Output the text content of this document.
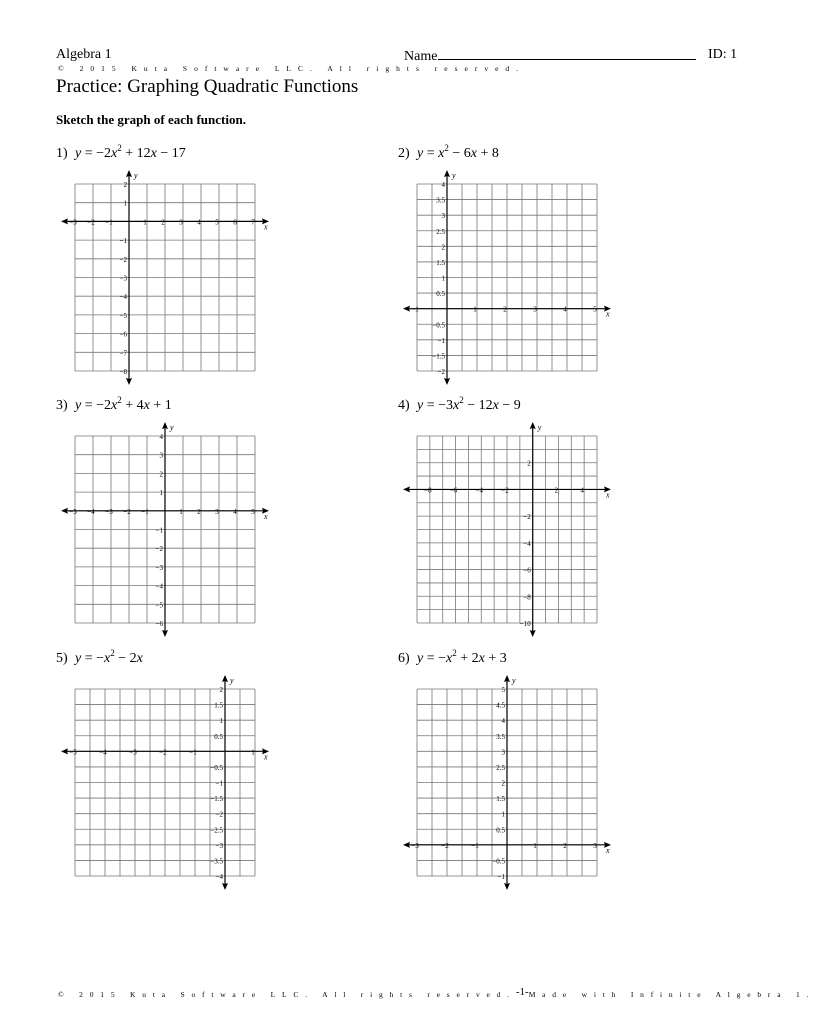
Algebra 1	Name	ID: 1
© 2015 Kuta Software LLC. All rights reserved.
Practice: Graphing Quadratic Functions
Sketch the graph of each function.
1) $y = -2x^2 + 12x - 17$	2) $y = x^2 - 6x + 8$
3) $y = -2x^2 + 4x + 1$	4) $y = -3x^2 - 12x - 9$
5) $y = -x^2 - 2x$	6) $y = -x^2 + 2x + 3$
x
y
−3 −2 −1	1 2 3 4 5 6 7
2
1
−1
−2
−3
−4
−5
−6
−7
−8
x
y
−1	1	2	3	4	5
4
3.5
3
2.5
2
1.5
1
0.5
−0.5
−1
−1.5
−2
x
y
−5 −4 −3 −2 −1	1 2 3 4 5
4
3
2
1
−1
−2
−3
−4
−5
−6
x
y
−8	−6	−4	−2	2	4
2
−2
−4
−6
−8
−10
x
y
−5	−4	−3	−2	−1	1
2
1.5
1
0.5
−0.5
−1
−1.5
−2
−2.5
−3
−3.5
−4
x
y
−3	−2	−1	1	2	3
5
4.5
4
3.5
3
2.5
2
1.5
1
0.5
−0.5
−1
© 2015 Kuta Software LLC. All rights reserved.-1-Made with Infinite Algebra 1.
